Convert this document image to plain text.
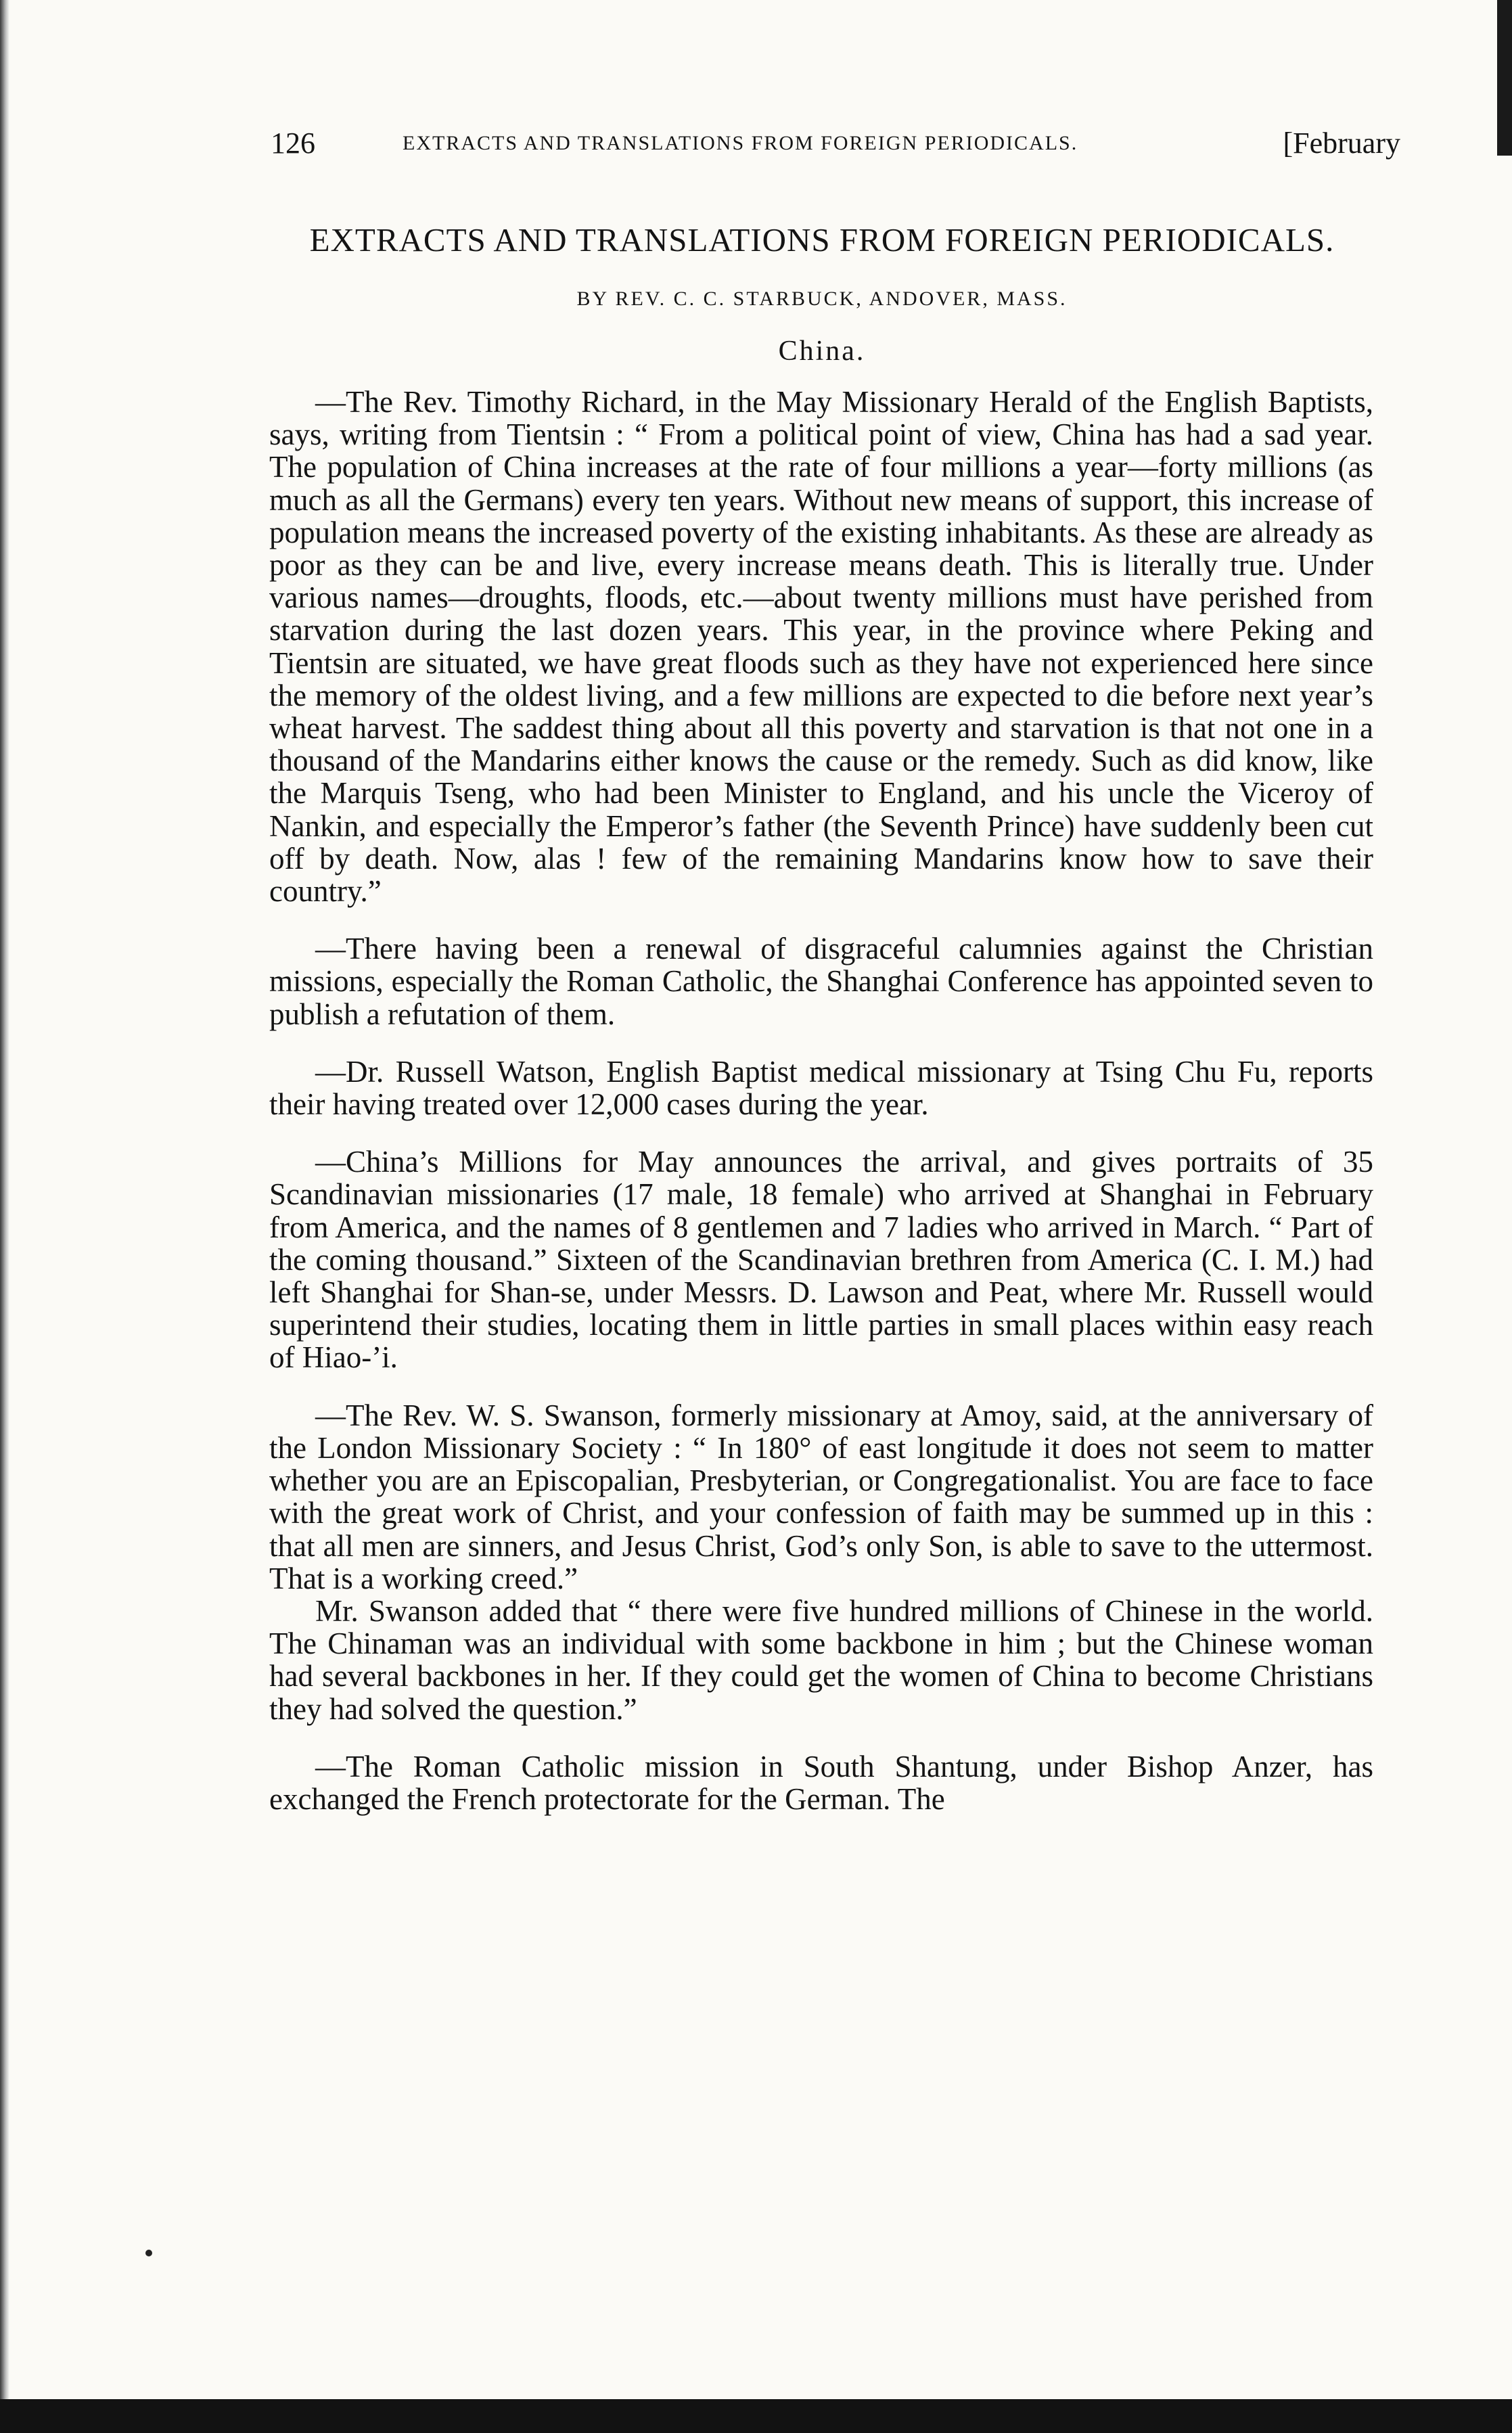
126	EXTRACTS AND TRANSLATIONS FROM FOREIGN PERIODICALS.	[February
EXTRACTS AND TRANSLATIONS FROM FOREIGN PERIODICALS.
BY REV. C. C. STARBUCK, ANDOVER, MASS.
China.

—The Rev. Timothy Richard, in the May Missionary Herald of the English Baptists, says, writing from Tientsin : “ From a political point of view, China has had a sad year. The population of China increases at the rate of four millions a year—forty millions (as much as all the Germans) every ten years. Without new means of support, this increase of population means the increased poverty of the existing inhabitants. As these are already as poor as they can be and live, every increase means death. This is literally true. Under various names—droughts, floods, etc.—about twenty millions must have perished from starvation during the last dozen years. This year, in the province where Peking and Tientsin are situated, we have great floods such as they have not experienced here since the memory of the oldest living, and a few millions are expected to die before next year’s wheat harvest. The saddest thing about all this poverty and starvation is that not one in a thousand of the Mandarins either knows the cause or the remedy. Such as did know, like the Marquis Tseng, who had been Minister to England, and his uncle the Viceroy of Nankin, and especially the Emperor’s father (the Seventh Prince) have suddenly been cut off by death. Now, alas ! few of the remaining Mandarins know how to save their country.”

—There having been a renewal of disgraceful calumnies against the Christian missions, especially the Roman Catholic, the Shanghai Conference has appointed seven to publish a refutation of them.

—Dr. Russell Watson, English Baptist medical missionary at Tsing Chu Fu, reports their having treated over 12,000 cases during the year.

—China’s Millions for May announces the arrival, and gives portraits of 35 Scandinavian missionaries (17 male, 18 female) who arrived at Shanghai in February from America, and the names of 8 gentlemen and 7 ladies who arrived in March. “ Part of the coming thousand.” Sixteen of the Scandinavian brethren from America (C. I. M.) had left Shanghai for Shan-se, under Messrs. D. Lawson and Peat, where Mr. Russell would superintend their studies, locating them in little parties in small places within easy reach of Hiao-’i.

—The Rev. W. S. Swanson, formerly missionary at Amoy, said, at the anniversary of the London Missionary Society : “ In 180° of east longitude it does not seem to matter whether you are an Episcopalian, Presbyterian, or Congregationalist. You are face to face with the great work of Christ, and your confession of faith may be summed up in this : that all men are sinners, and Jesus Christ, God’s only Son, is able to save to the uttermost. That is a working creed.”

Mr. Swanson added that “ there were five hundred millions of Chinese in the world. The Chinaman was an individual with some backbone in him ; but the Chinese woman had several backbones in her. If they could get the women of China to become Christians they had solved the question.”

—The Roman Catholic mission in South Shantung, under Bishop Anzer, has exchanged the French protectorate for the German. The
